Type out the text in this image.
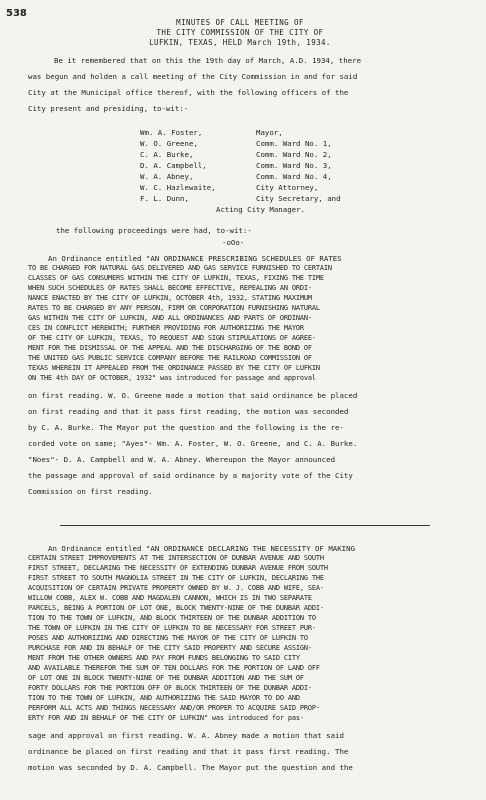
538
MINUTES OF CALL MEETING OF
THE CITY COMMISSION OF THE CITY OF
LUFKIN, TEXAS, HELD March 19th, 1934.
Be it remembered that on this the 19th day of March, A.D. 1934, there
was begun and holden a call meeting of the City Commission in and for said
City at the Municipal office thereof, with the following officers of the
City present and presiding, to-wit:-
Wm. A. Foster,	Mayor,
W. O. Greene,	Comm. Ward No. 1,
C. A. Burke,	Comm. Ward No. 2,
D. A. Campbell,	Comm. Ward No. 3,
W. A. Abney,	Comm. Ward No. 4,
W. C. Hazlewaite,	City Attorney,
F. L. Dunn,	City Secretary, and
Acting City Manager.
the following proceedings were had, to-wit:-
-oOo-
An Ordinance entitled "AN ORDINANCE PRESCRIBING SCHEDULES OF RATES
TO BE CHARGED FOR NATURAL GAS DELIVERED AND GAS SERVICE FURNISHED TO CERTAIN
CLASSES OF GAS CONSUMERS WITHIN THE CITY OF LUFKIN, TEXAS, FIXING THE TIME
WHEN SUCH SCHEDULES OF RATES SHALL BECOME EFFECTIVE, REPEALING AN ORDI-
NANCE ENACTED BY THE CITY OF LUFKIN, OCTOBER 4th, 1932, STATING MAXIMUM
RATES TO BE CHARGED BY ANY PERSON, FIRM OR CORPORATION FURNISHING NATURAL
GAS WITHIN THE CITY OF LUFKIN, AND ALL ORDINANCES AND PARTS OF ORDINAN-
CES IN CONFLICT HEREWITH; FURTHER PROVIDING FOR AUTHORIZING THE MAYOR
OF THE CITY OF LUFKIN, TEXAS, TO REQUEST AND SIGN STIPULATIONS OF AGREE-
MENT FOR THE DISMISSAL OF THE APPEAL AND THE DISCHARGING OF THE BOND OF
THE UNITED GAS PUBLIC SERVICE COMPANY BEFORE THE RAILROAD COMMISSION OF
TEXAS WHEREIN IT APPEALED FROM THE ORDINANCE PASSED BY THE CITY OF LUFKIN
ON THE 4th DAY OF OCTOBER, 1932" was introduced for passage and approval
on first reading. W. O. Greene made a motion that said ordinance be placed
on first reading and that it pass first reading, the motion was seconded
by C. A. Burke. The Mayor put the question and the following is the re-
corded vote on same; "Ayes"- Wm. A. Foster, W. O. Greene, and C. A. Burke.
"Noes"- D. A. Campbell and W. A. Abney. Whereupon the Mayor announced
the passage and approval of said ordinance by a majority vote of the City
Commission on first reading.
An Ordinance entitled "AN ORDINANCE DECLARING THE NECESSITY OF MAKING
CERTAIN STREET IMPROVEMENTS AT THE INTERSECTION OF DUNBAR AVENUE AND SOUTH
FIRST STREET, DECLARING THE NECESSITY OF EXTENDING DUNBAR AVENUE FROM SOUTH
FIRST STREET TO SOUTH MAGNOLIA STREET IN THE CITY OF LUFKIN, DECLARING THE
ACQUISITION OF CERTAIN PRIVATE PROPERTY OWNED BY W. J. COBB AND WIFE, SEA-
WILLOW COBB, ALEX W. COBB AND MAGDALEN CANNON, WHICH IS IN TWO SEPARATE
PARCELS, BEING A PORTION OF LOT ONE, BLOCK TWENTY-NINE OF THE DUNBAR ADDI-
TION TO THE TOWN OF LUFKIN, AND BLOCK THIRTEEN OF THE DUNBAR ADDITION TO
THE TOWN OF LUFKIN IN THE CITY OF LUFKIN TO BE NECESSARY FOR STREET PUR-
POSES AND AUTHORIZING AND DIRECTING THE MAYOR OF THE CITY OF LUFKIN TO
PURCHASE FOR AND IN BEHALF OF THE CITY SAID PROPERTY AND SECURE ASSIGN-
MENT FROM THE OTHER OWNERS AND PAY FROM FUNDS BELONGING TO SAID CITY
AND AVAILABLE THEREFOR THE SUM OF TEN DOLLARS FOR THE PORTION OF LAND OFF
OF LOT ONE IN BLOCK TWENTY-NINE OF THE DUNBAR ADDITION AND THE SUM OF
FORTY DOLLARS FOR THE PORTION OFF OF BLOCK THIRTEEN OF THE DUNBAR ADDI-
TION TO THE TOWN OF LUFKIN, AND AUTHORIZING THE SAID MAYOR TO DO AND
PERFORM ALL ACTS AND THINGS NECESSARY AND/OR PROPER TO ACQUIRE SAID PROP-
ERTY FOR AND IN BEHALF OF THE CITY OF LUFKIN" was introduced for pas-
sage and approval on first reading. W. A. Abney made a motion that said
ordinance be placed on first reading and that it pass first reading. The
motion was seconded by D. A. Campbell. The Mayor put the question and the
